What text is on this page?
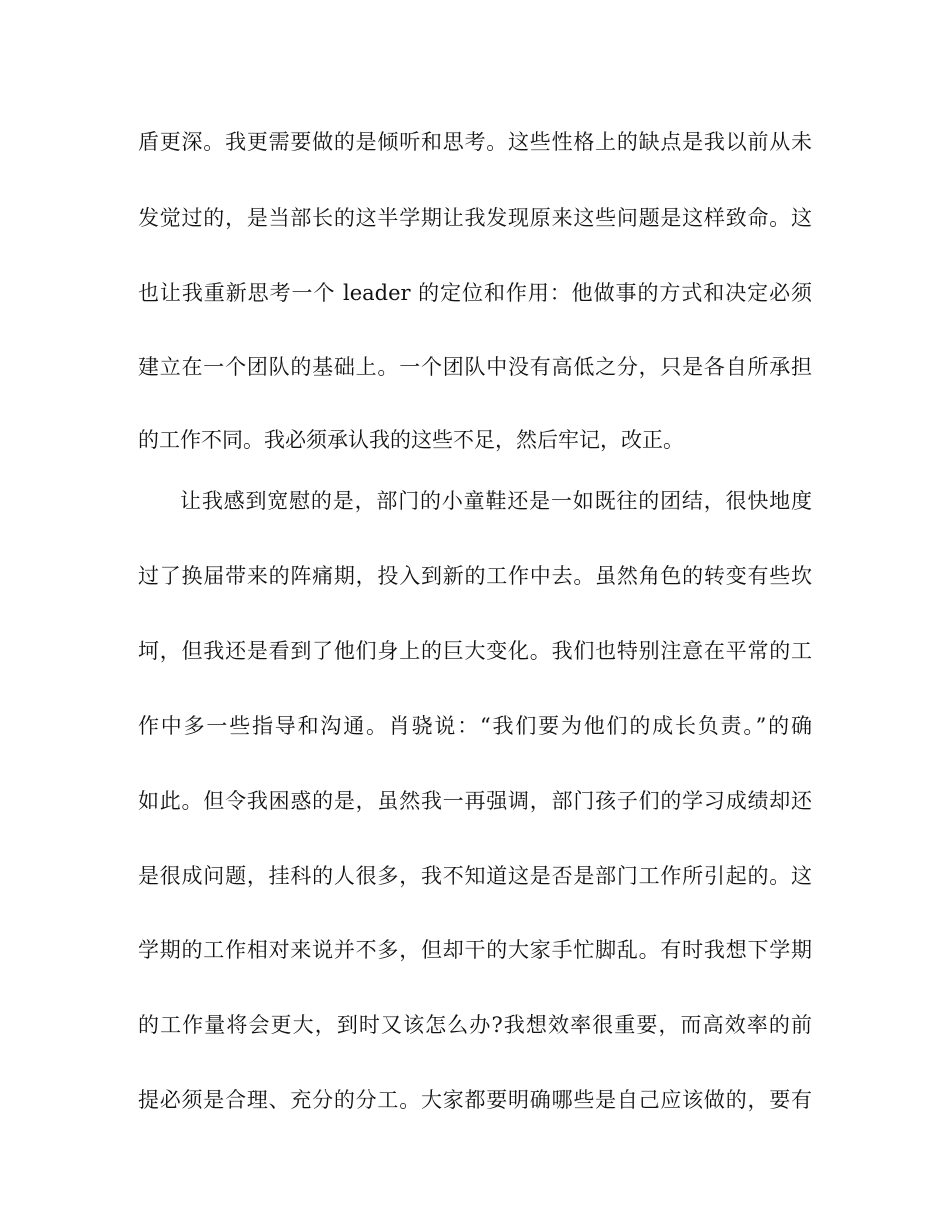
盾更深。我更需要做的是倾听和思考。这些性格上的缺点是我以前从未
发觉过的，是当部长的这半学期让我发现原来这些问题是这样致命。这
也让我重新思考一个 leader 的定位和作用：他做事的方式和决定必须
建立在一个团队的基础上。一个团队中没有高低之分，只是各自所承担
的工作不同。我必须承认我的这些不足，然后牢记，改正。
让我感到宽慰的是，部门的小童鞋还是一如既往的团结，很快地度
过了换届带来的阵痛期，投入到新的工作中去。虽然角色的转变有些坎
坷，但我还是看到了他们身上的巨大变化。我们也特别注意在平常的工
作中多一些指导和沟通。肖骁说：“我们要为他们的成长负责。”的确
如此。但令我困惑的是，虽然我一再强调，部门孩子们的学习成绩却还
是很成问题，挂科的人很多，我不知道这是否是部门工作所引起的。这
学期的工作相对来说并不多，但却干的大家手忙脚乱。有时我想下学期
的工作量将会更大，到时又该怎么办?我想效率很重要，而高效率的前
提必须是合理、充分的分工。大家都要明确哪些是自己应该做的，要有
